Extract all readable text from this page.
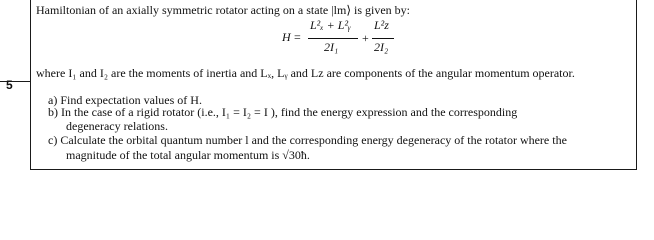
5
Hamiltonian of an axially symmetric rotator acting on a state |lm⟩ is given by:
H =
L²ₓ + L²ᵧ
2I₁
+
L²z
2I₂
where I₁ and I₂ are the moments of inertia and Lₓ, Lᵧ and Lz are components of the angular momentum operator.
a) Find expectation values of H.
b) In the case of a rigid rotator (i.e., I₁ = I₂ = I ), find the energy expression and the corresponding
degeneracy relations.
c) Calculate the orbital quantum number l and the corresponding energy degeneracy of the rotator where the
magnitude of the total angular momentum is √30ħ.
